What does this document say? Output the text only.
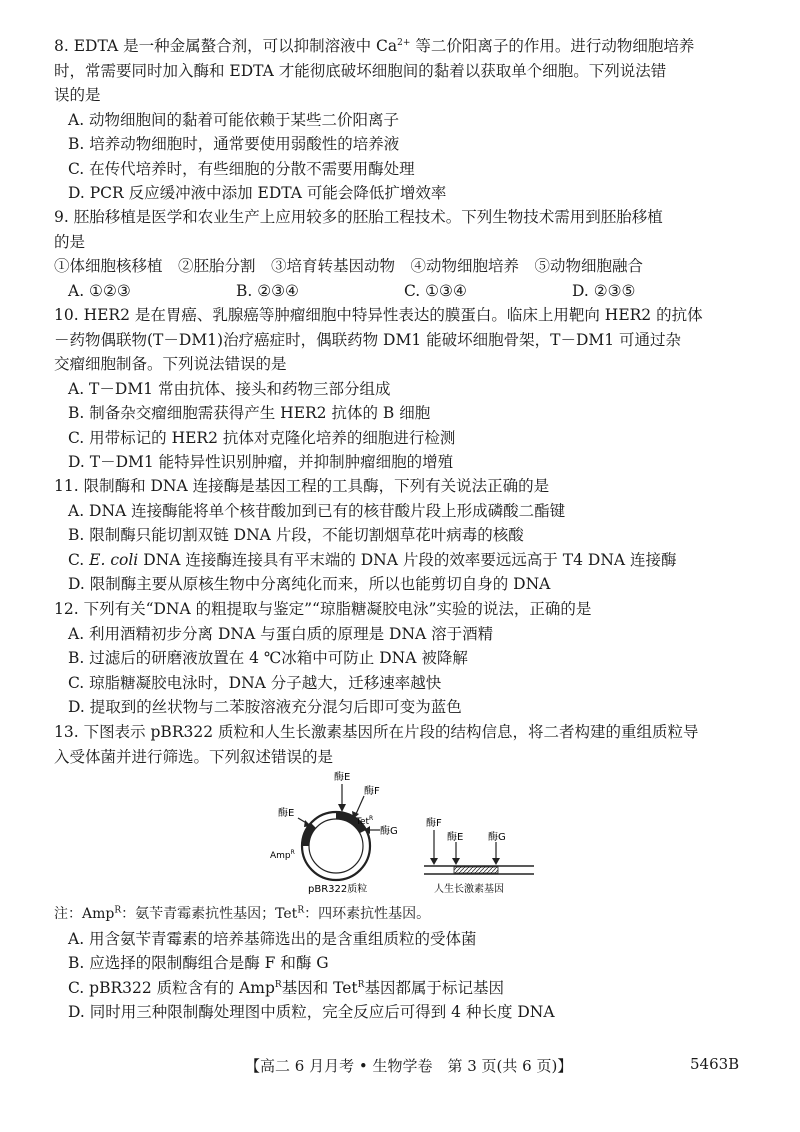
8. EDTA 是一种金属螯合剂，可以抑制溶液中 $Ca^{2+}$ 等二价阳离子的作用。进行动物细胞培养
时，常需要同时加入酶和 EDTA 才能彻底破坏细胞间的黏着以获取单个细胞。下列说法错
误的是
A. 动物细胞间的黏着可能依赖于某些二价阳离子
B. 培养动物细胞时，通常要使用弱酸性的培养液
C. 在传代培养时，有些细胞的分散不需要用酶处理
D. PCR 反应缓冲液中添加 EDTA 可能会降低扩增效率
9. 胚胎移植是医学和农业生产上应用较多的胚胎工程技术。下列生物技术需用到胚胎移植
的是
①体细胞核移植　②胚胎分割　③培育转基因动物　④动物细胞培养　⑤动物细胞融合
A. ①②③	B. ②③④	C. ①③④	D. ②③⑤
10. HER2 是在胃癌、乳腺癌等肿瘤细胞中特异性表达的膜蛋白。临床上用靶向 HER2 的抗体
－药物偶联物(T－DM1)治疗癌症时，偶联药物 DM1 能破坏细胞骨架，T－DM1 可通过杂
交瘤细胞制备。下列说法错误的是
A. T－DM1 常由抗体、接头和药物三部分组成
B. 制备杂交瘤细胞需获得产生 HER2 抗体的 B 细胞
C. 用带标记的 HER2 抗体对克隆化培养的细胞进行检测
D. T－DM1 能特异性识别肿瘤，并抑制肿瘤细胞的增殖
11. 限制酶和 DNA 连接酶是基因工程的工具酶，下列有关说法正确的是
A. DNA 连接酶能将单个核苷酸加到已有的核苷酸片段上形成磷酸二酯键
B. 限制酶只能切割双链 DNA 片段，不能切割烟草花叶病毒的核酸
C. E. coli DNA 连接酶连接具有平末端的 DNA 片段的效率要远远高于 T4 DNA 连接酶
D. 限制酶主要从原核生物中分离纯化而来，所以也能剪切自身的 DNA
12. 下列有关“DNA 的粗提取与鉴定”“琼脂糖凝胶电泳”实验的说法，正确的是
A. 利用酒精初步分离 DNA 与蛋白质的原理是 DNA 溶于酒精
B. 过滤后的研磨液放置在 4 ℃冰箱中可防止 DNA 被降解
C. 琼脂糖凝胶电泳时，DNA 分子越大，迁移速率越快
D. 提取到的丝状物与二苯胺溶液充分混匀后即可变为蓝色
13. 下图表示 pBR322 质粒和人生长激素基因所在片段的结构信息，将二者构建的重组质粒导
入受体菌并进行筛选。下列叙述错误的是
酶E
酶F
酶E
酶G
Tet$^R$
Amp$^R$
pBR322质粒
酶F
酶E 酶G
人生长激素基因
注：Amp$^R$：氨苄青霉素抗性基因；Tet$^R$：四环素抗性基因。
A. 用含氨苄青霉素的培养基筛选出的是含重组质粒的受体菌
B. 应选择的限制酶组合是酶 F 和酶 G
C. pBR322 质粒含有的 Amp$^R$基因和 Tet$^R$基因都属于标记基因
D. 同时用三种限制酶处理图中质粒，完全反应后可得到 4 种长度 DNA
【高二 6 月月考 • 生物学卷　第 3 页(共 6 页)】	5463B
